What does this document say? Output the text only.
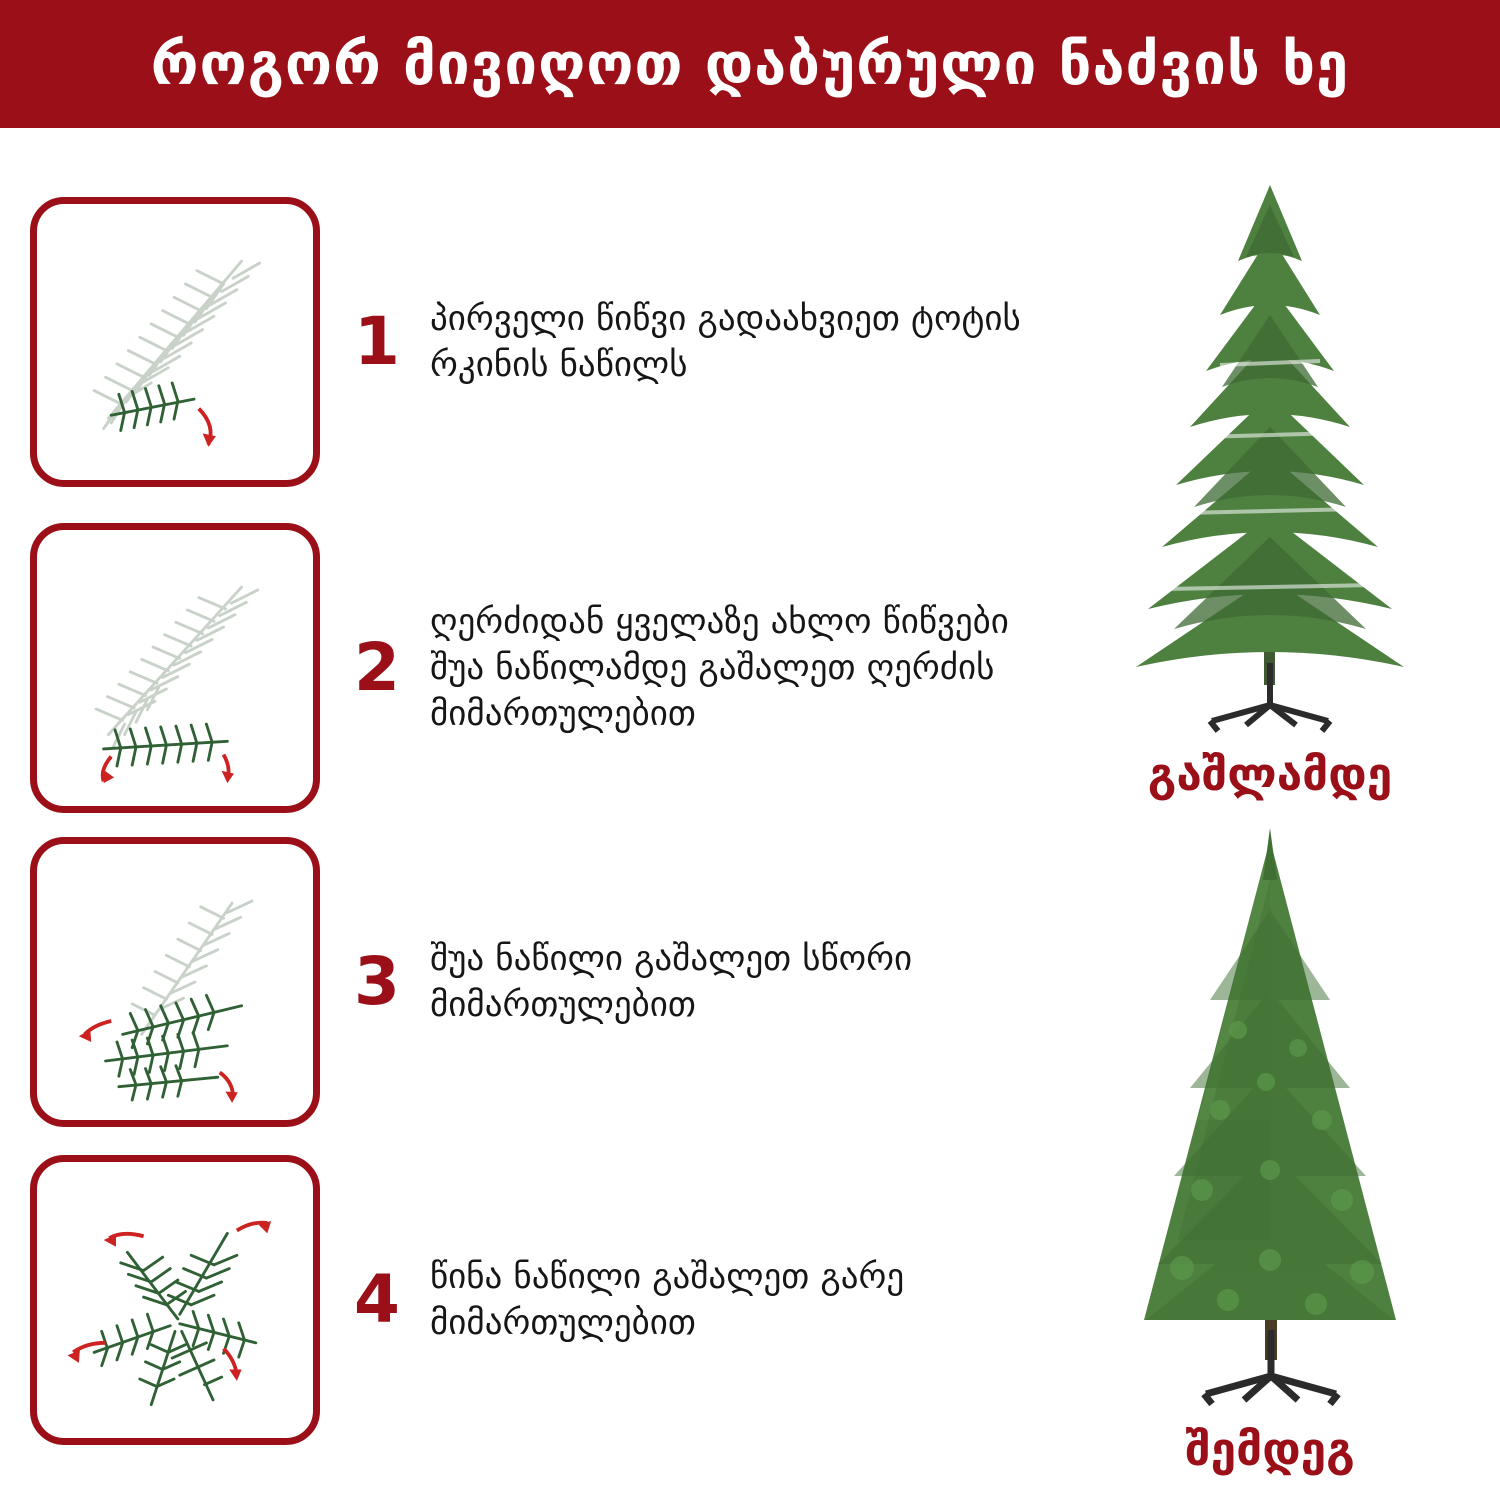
როგორ მივიღოთ დაბურული ნაძვის ხე
1 პირველი წიწვი გადაახვიეთ ტოტის რკინის ნაწილს
2
ღერძიდან ყველაზე ახლო წიწვები შუა ნაწილამდე გაშალეთ ღერძის მიმართულებით
3 შუა ნაწილი გაშალეთ სწორი მიმართულებით
4 წინა ნაწილი გაშალეთ გარე მიმართულებით
გაშლამდე
შემდეგ
